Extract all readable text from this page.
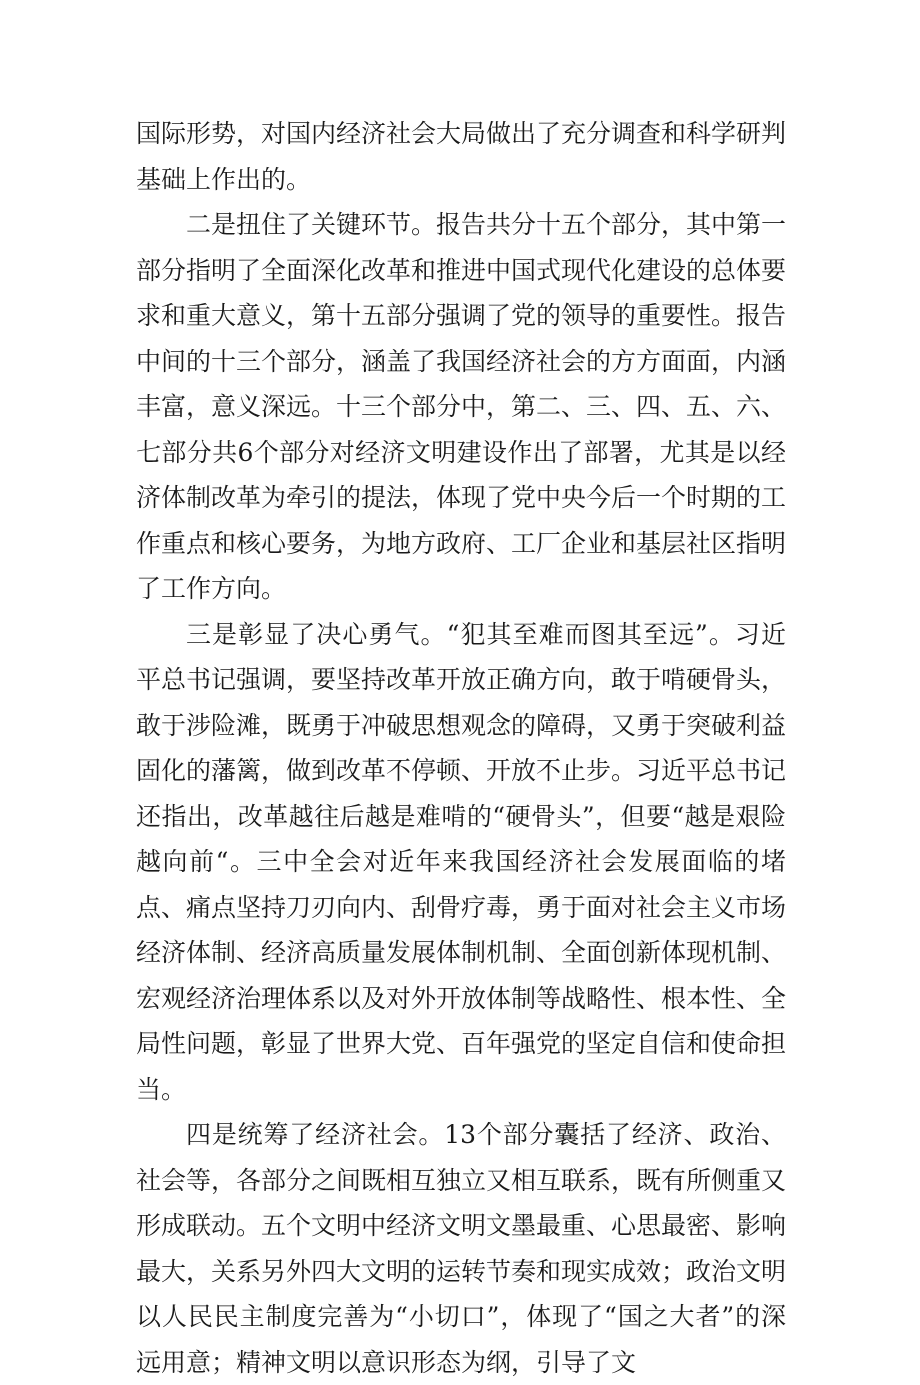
国际形势，对国内经济社会大局做出了充分调查和科学研判基础上作出的。

二是扭住了关键环节。报告共分十五个部分，其中第一部分指明了全面深化改革和推进中国式现代化建设的总体要求和重大意义，第十五部分强调了党的领导的重要性。报告中间的十三个部分，涵盖了我国经济社会的方方面面，内涵丰富，意义深远。十三个部分中，第二、三、四、五、六、七部分共6个部分对经济文明建设作出了部署，尤其是以经济体制改革为牵引的提法，体现了党中央今后一个时期的工作重点和核心要务，为地方政府、工厂企业和基层社区指明了工作方向。

三是彰显了决心勇气。“犯其至难而图其至远”。习近平总书记强调，要坚持改革开放正确方向，敢于啃硬骨头，敢于涉险滩，既勇于冲破思想观念的障碍，又勇于突破利益固化的藩篱，做到改革不停顿、开放不止步。习近平总书记还指出，改革越往后越是难啃的“硬骨头”，但要“越是艰险越向前“。三中全会对近年来我国经济社会发展面临的堵点、痛点坚持刀刃向内、刮骨疗毒，勇于面对社会主义市场经济体制、经济高质量发展体制机制、全面创新体现机制、宏观经济治理体系以及对外开放体制等战略性、根本性、全局性问题，彰显了世界大党、百年强党的坚定自信和使命担当。

四是统筹了经济社会。13个部分囊括了经济、政治、社会等，各部分之间既相互独立又相互联系，既有所侧重又形成联动。五个文明中经济文明文墨最重、心思最密、影响最大，关系另外四大文明的运转节奏和现实成效；政治文明以人民民主制度完善为“小切口”，体现了“国之大者”的深远用意；精神文明以意识形态为纲，引导了文
